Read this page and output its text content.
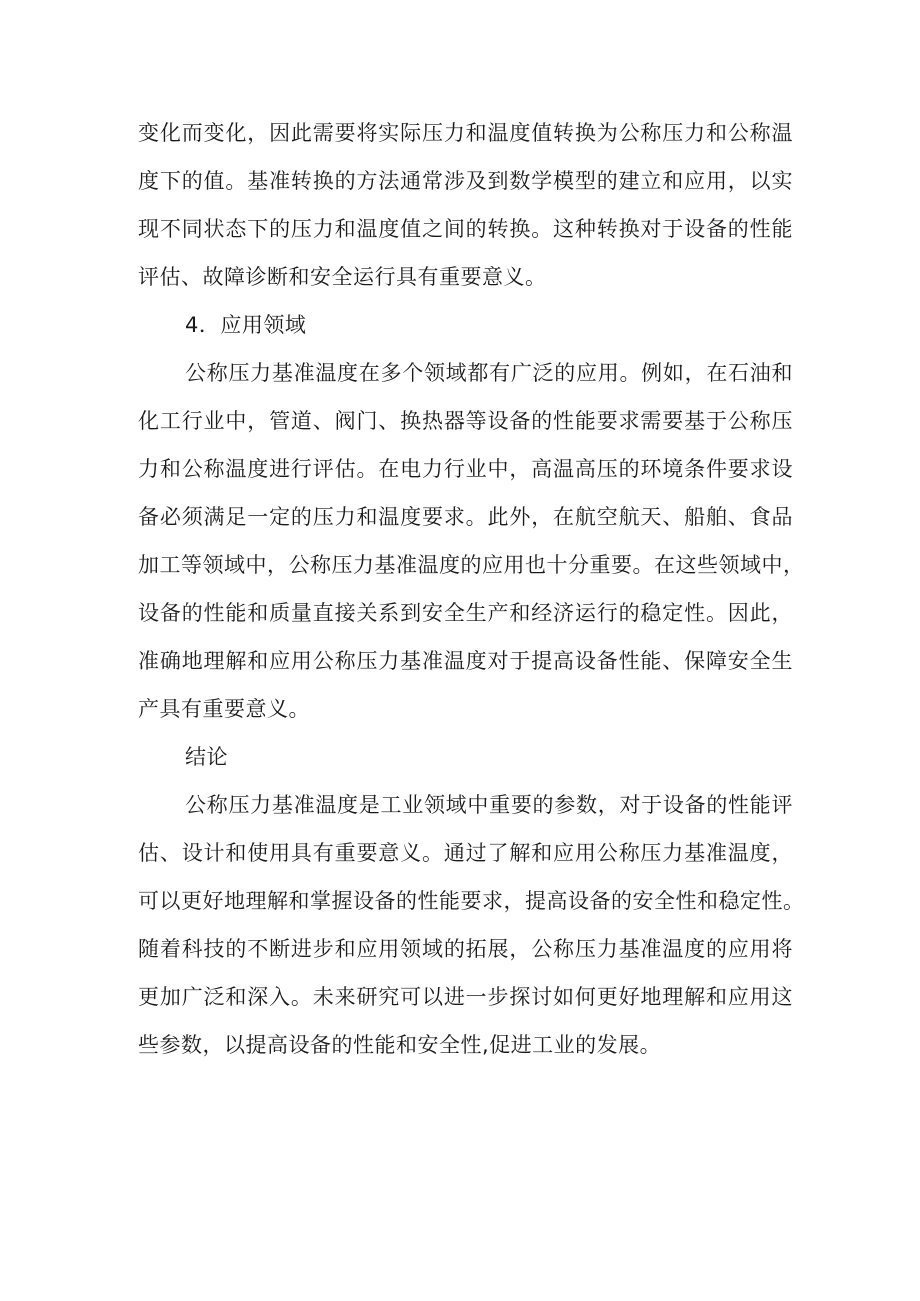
变化而变化，因此需要将实际压力和温度值转换为公称压力和公称温
度下的值。基准转换的方法通常涉及到数学模型的建立和应用，以实
现不同状态下的压力和温度值之间的转换。这种转换对于设备的性能
评估、故障诊断和安全运行具有重要意义。
4．应用领域
公称压力基准温度在多个领域都有广泛的应用。例如，在石油和
化工行业中，管道、阀门、换热器等设备的性能要求需要基于公称压
力和公称温度进行评估。在电力行业中，高温高压的环境条件要求设
备必须满足一定的压力和温度要求。此外，在航空航天、船舶、食品
加工等领域中，公称压力基准温度的应用也十分重要。在这些领域中，
设备的性能和质量直接关系到安全生产和经济运行的稳定性。因此，
准确地理解和应用公称压力基准温度对于提高设备性能、保障安全生
产具有重要意义。
结论
公称压力基准温度是工业领域中重要的参数，对于设备的性能评
估、设计和使用具有重要意义。通过了解和应用公称压力基准温度，
可以更好地理解和掌握设备的性能要求，提高设备的安全性和稳定性。
随着科技的不断进步和应用领域的拓展，公称压力基准温度的应用将
更加广泛和深入。未来研究可以进一步探讨如何更好地理解和应用这
些参数，以提高设备的性能和安全性,促进工业的发展。
